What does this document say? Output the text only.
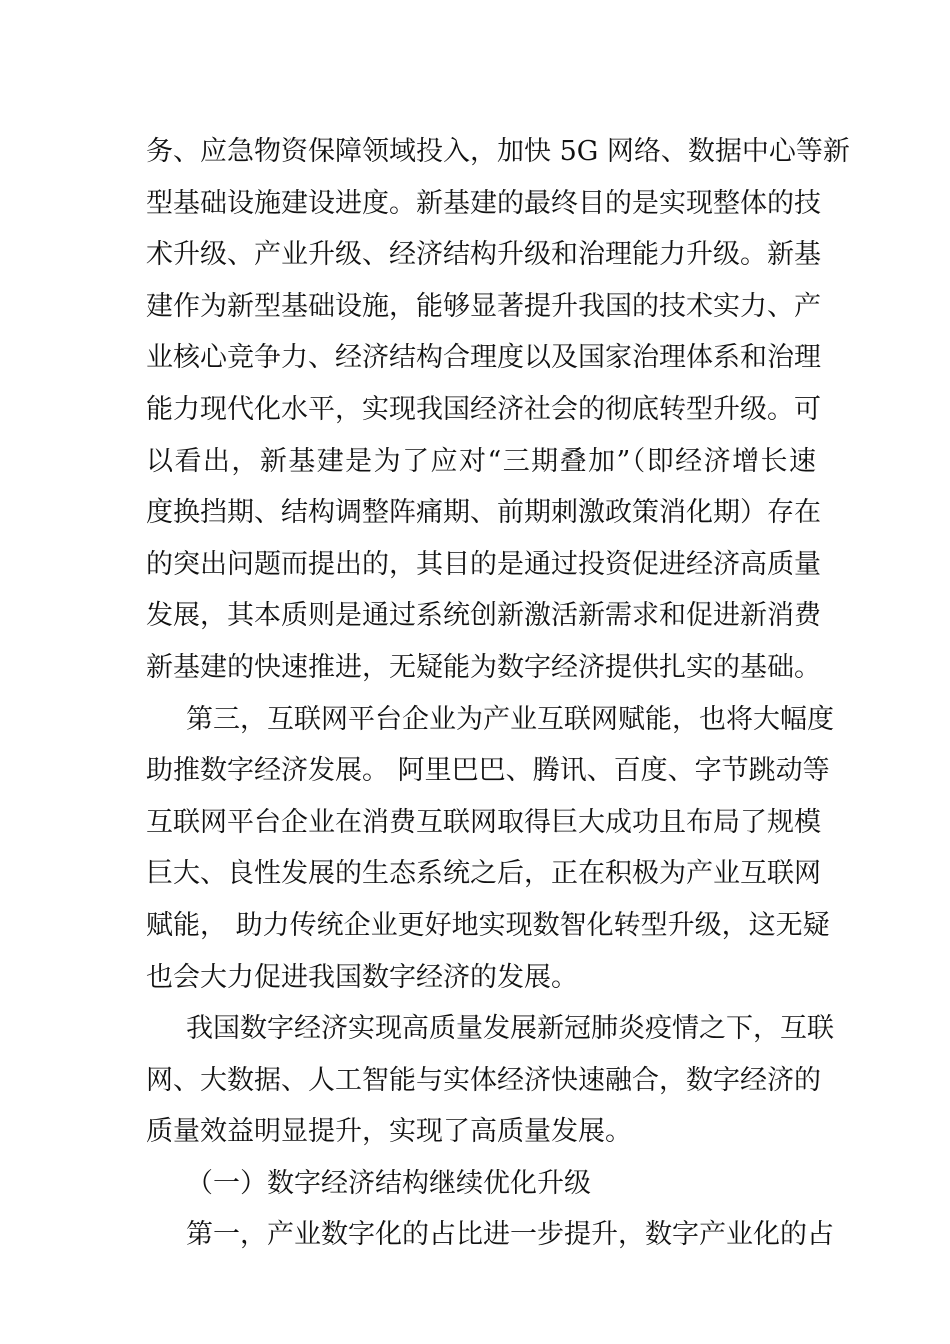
务、应急物资保障领域投入，加快 5G 网络、数据中心等新
型基础设施建设进度。新基建的最终目的是实现整体的技
术升级、产业升级、经济结构升级和治理能力升级。新基
建作为新型基础设施，能够显著提升我国的技术实力、产
业核心竞争力、经济结构合理度以及国家治理体系和治理
能力现代化水平，实现我国经济社会的彻底转型升级。可
以看出，新基建是为了应对“三期叠加”（即经济增长速
度换挡期、结构调整阵痛期、前期刺激政策消化期）存在
的突出问题而提出的，其目的是通过投资促进经济高质量
发展，其本质则是通过系统创新激活新需求和促进新消费
新基建的快速推进，无疑能为数字经济提供扎实的基础。
第三，互联网平台企业为产业互联网赋能，也将大幅度
助推数字经济发展。 阿里巴巴、腾讯、百度、字节跳动等
互联网平台企业在消费互联网取得巨大成功且布局了规模
巨大、良性发展的生态系统之后，正在积极为产业互联网
赋能， 助力传统企业更好地实现数智化转型升级，这无疑
也会大力促进我国数字经济的发展。
我国数字经济实现高质量发展新冠肺炎疫情之下，互联
网、大数据、人工智能与实体经济快速融合，数字经济的
质量效益明显提升，实现了高质量发展。
（一）数字经济结构继续优化升级
第一，产业数字化的占比进一步提升，数字产业化的占
